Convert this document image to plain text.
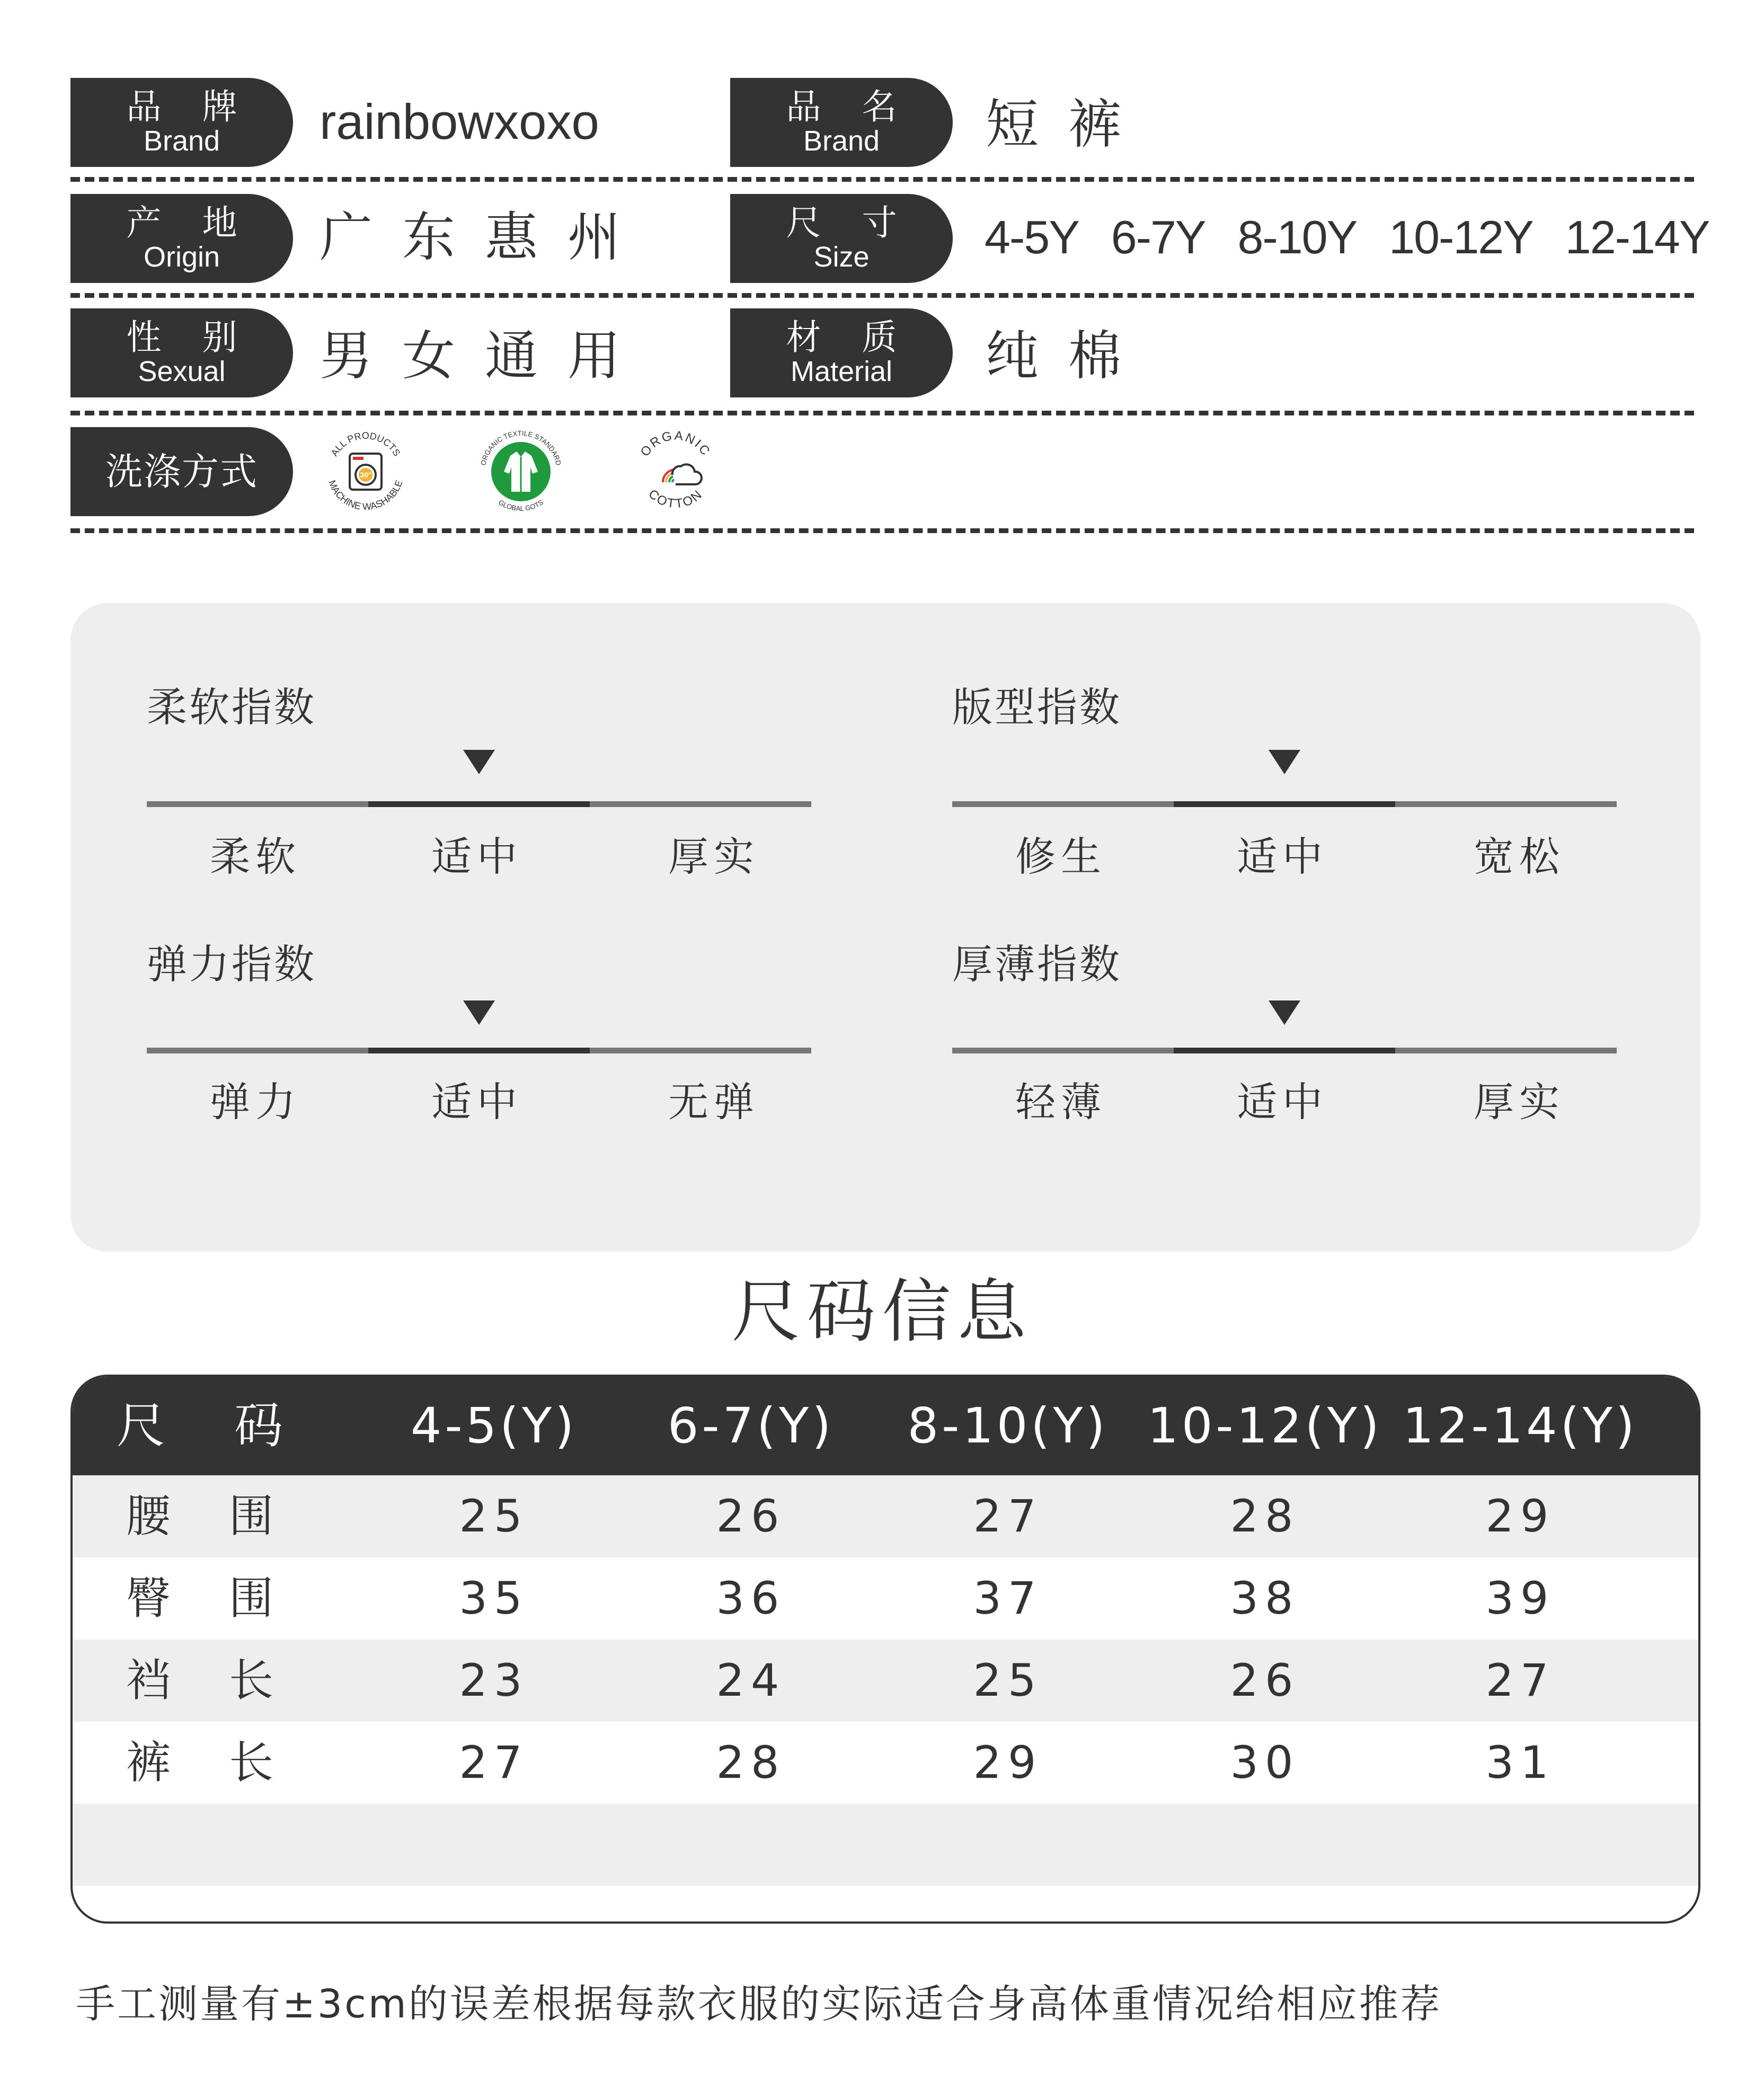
品 牌
Brand rainbowxoxo	品 名
Brand 短裤
产 地
Origin 广东惠州	尺 寸
Size 4-5Y 6-7Y 8-10Y 10-12Y 12-14Y
性 别
Sexual 男女通用	材 质
Material 纯棉
洗涤方式	ALL PRODUCTS
MACHINE WASHABLE
30°
ORGANIC TEXTILE STANDARD
GLOBAL GOTS
ORGANIC
COTTON
柔软指数
柔软	适中	厚实
版型指数
修生	适中	宽松
弹力指数
弹力	适中	无弹
厚薄指数
轻薄	适中	厚实
尺码信息
尺码 4-5(Y) 6-7(Y) 8-10(Y) 10-12(Y) 12-14(Y)
腰围	25	26	27	28	29
臀围	35	36	37	38	39
裆长	23	24	25	26	27
裤长	27	28	29	30	31
手工测量有±3cm的误差根据每款衣服的实际适合身高体重情况给相应推荐
